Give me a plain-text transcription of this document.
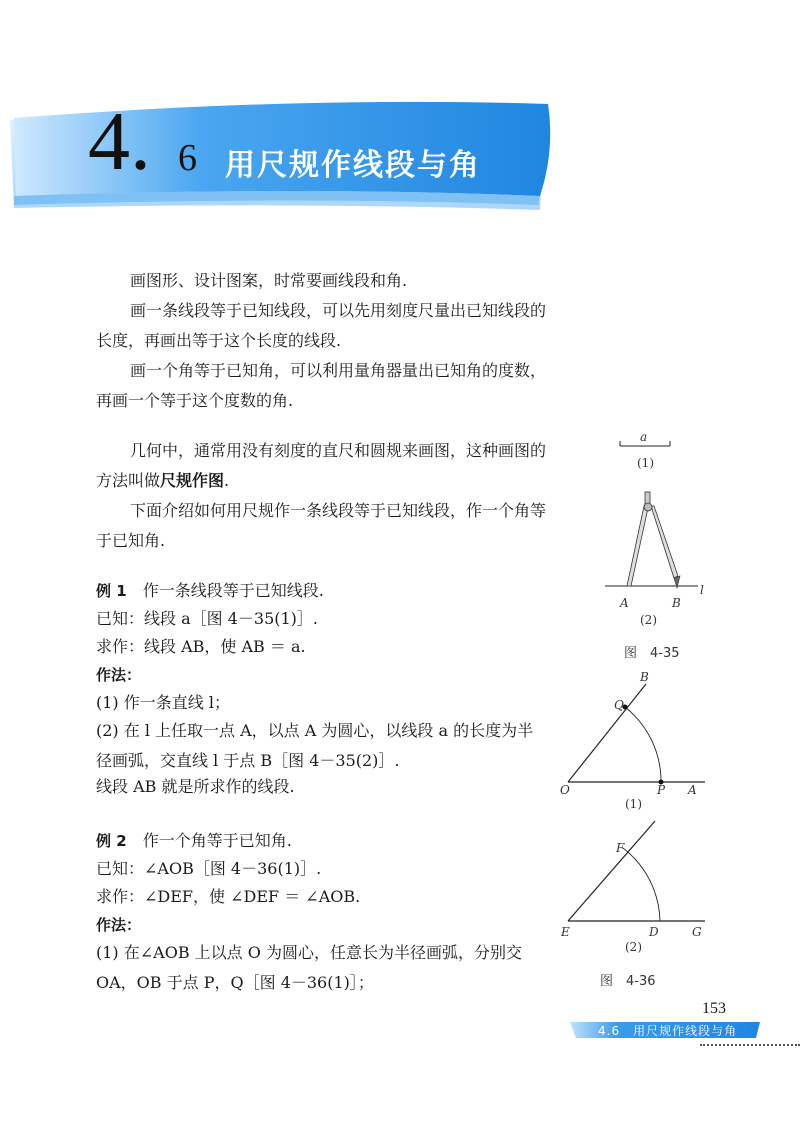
4. 6 用尺规作线段与角
画图形、设计图案，时常要画线段和角.
画一条线段等于已知线段，可以先用刻度尺量出已知线段的长度，再画出等于这个长度的线段.
画一个角等于已知角，可以利用量角器量出已知角的度数，再画一个等于这个度数的角.
几何中，通常用没有刻度的直尺和圆规来画图，这种画图的方法叫做尺规作图.
下面介绍如何用尺规作一条线段等于已知线段，作一个角等于已知角.
例 1　 作一条线段等于已知线段.
已知：线段 a［图 4－35(1)］.
求作：线段 AB，使 AB ＝ a.
作法：
(1) 作一条直线 l；
(2) 在 l 上任取一点 A，以点 A 为圆心，以线段 a 的长度为半径画弧，交直线 l 于点 B［图 4－35(2)］.
线段 AB 就是所求作的线段.
例 2　 作一个角等于已知角.
已知：∠AOB［图 4－36(1)］.
求作：∠DEF，使 ∠DEF ＝ ∠AOB.
作法：
(1) 在∠AOB 上以点 O 为圆心，任意长为半径画弧，分别交 OA，OB 于点 P，Q［图 4－36(1)］；
a
(1)
A	B
l
(2)
图　4-35
B
Q
O	P A
(1)
F
E	D	G
(2)
图　4-36
153
4.6　用尺规作线段与角
